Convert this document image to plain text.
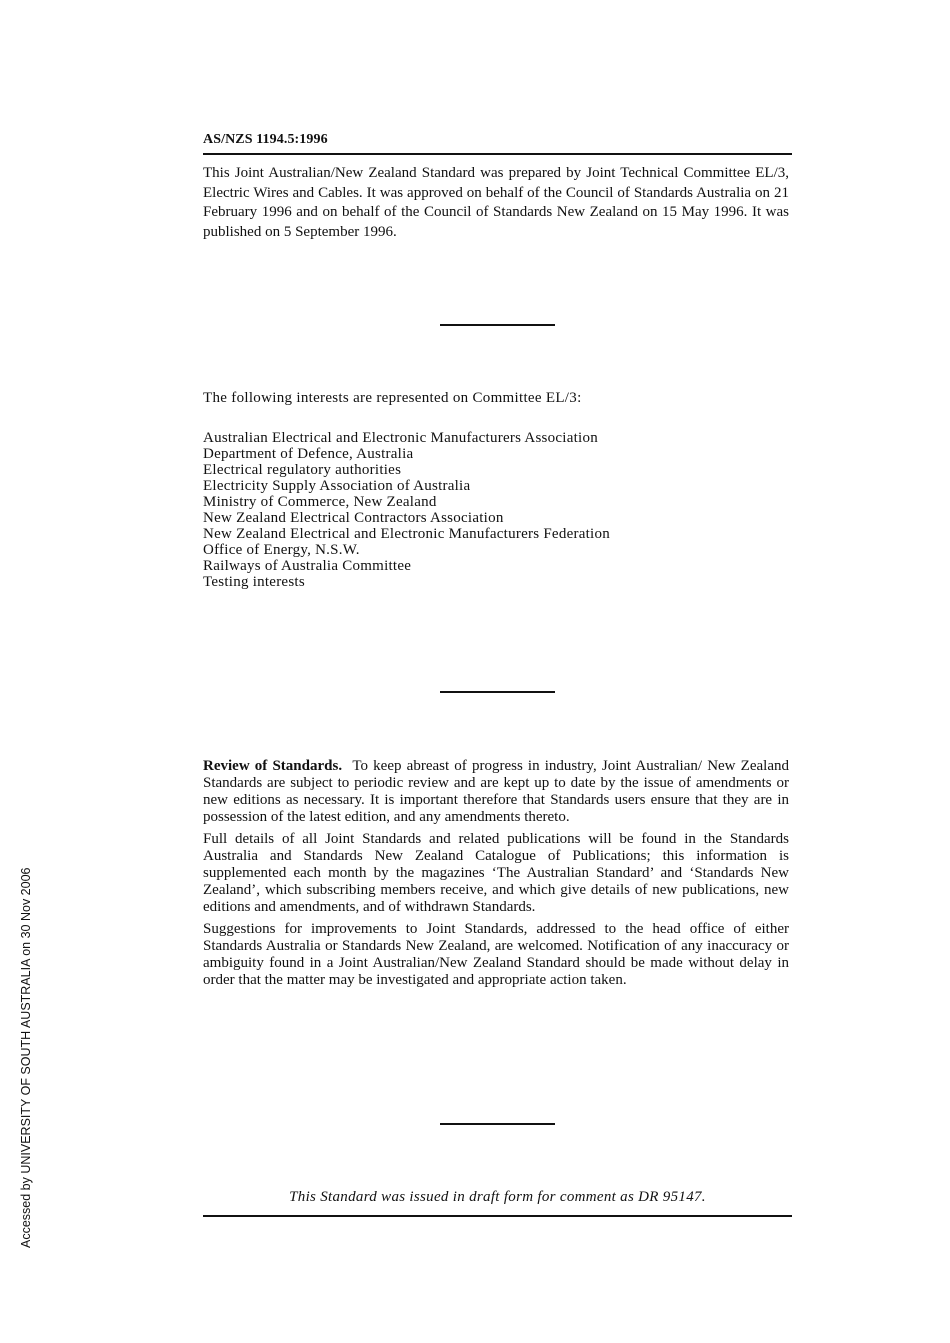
AS/NZS 1194.5:1996

This Joint Australian/New Zealand Standard was prepared by Joint Technical Committee EL/3, Electric Wires and Cables. It was approved on behalf of the Council of Standards Australia on 21 February 1996 and on behalf of the Council of Standards New Zealand on 15 May 1996. It was published on 5 September 1996.

The following interests are represented on Committee EL/3:

Australian Electrical and Electronic Manufacturers Association
Department of Defence, Australia
Electrical regulatory authorities
Electricity Supply Association of Australia
Ministry of Commerce, New Zealand
New Zealand Electrical Contractors Association
New Zealand Electrical and Electronic Manufacturers Federation
Office of Energy, N.S.W.
Railways of Australia Committee
Testing interests

Review of Standards. To keep abreast of progress in industry, Joint Australian/ New Zealand Standards are subject to periodic review and are kept up to date by the issue of amendments or new editions as necessary. It is important therefore that Standards users ensure that they are in possession of the latest edition, and any amendments thereto.

Full details of all Joint Standards and related publications will be found in the Standards Australia and Standards New Zealand Catalogue of Publications; this information is supplemented each month by the magazines ‘The Australian Standard’ and ‘Standards New Zealand’, which subscribing members receive, and which give details of new publications, new editions and amendments, and of withdrawn Standards.

Suggestions for improvements to Joint Standards, addressed to the head office of either Standards Australia or Standards New Zealand, are welcomed. Notification of any inaccuracy or ambiguity found in a Joint Australian/New Zealand Standard should be made without delay in order that the matter may be investigated and appropriate action taken.

This Standard was issued in draft form for comment as DR 95147.

Accessed by UNIVERSITY OF SOUTH AUSTRALIA on 30 Nov 2006
